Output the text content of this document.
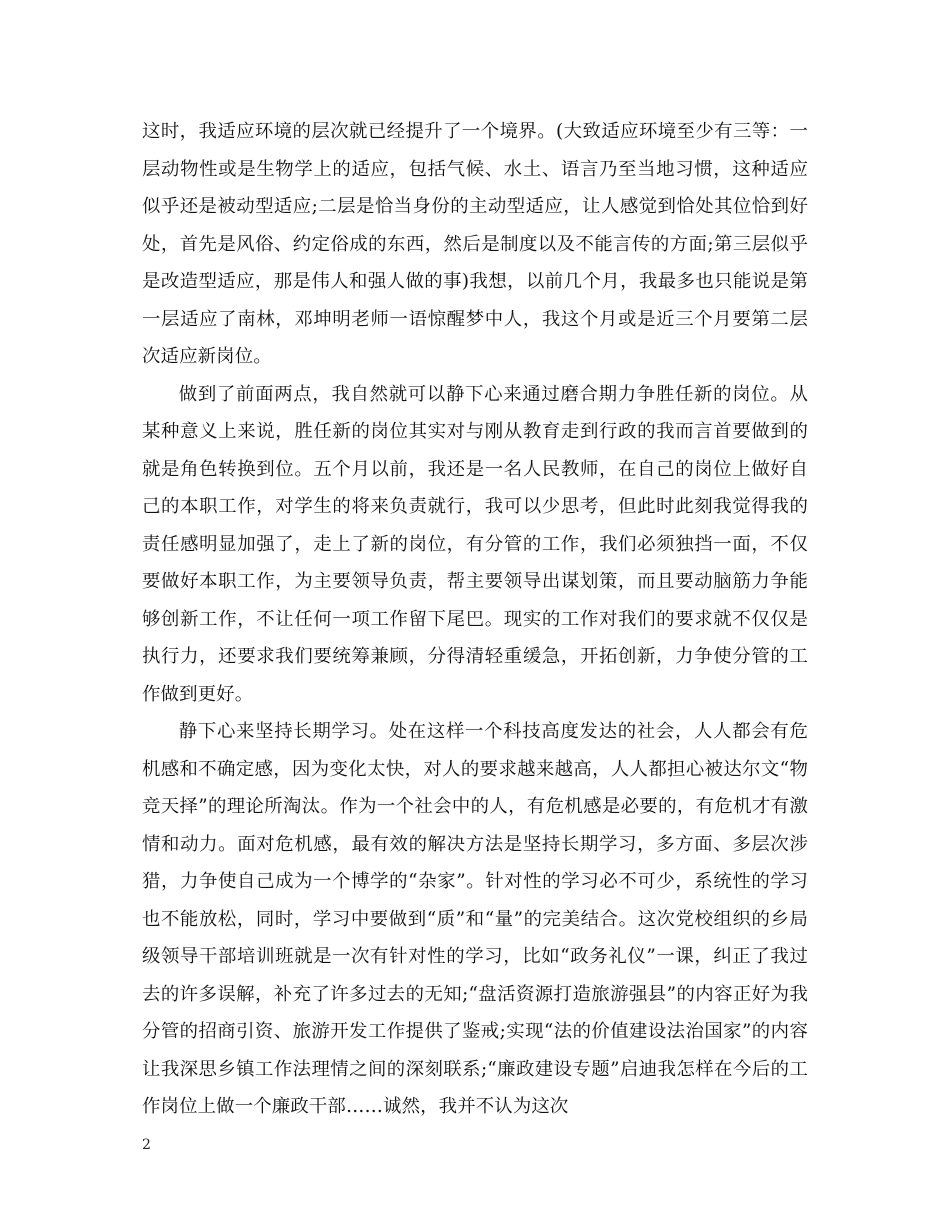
这时，我适应环境的层次就已经提升了一个境界。(大致适应环境至少有三等：一层动物性或是生物学上的适应，包括气候、水土、语言乃至当地习惯，这种适应似乎还是被动型适应;二层是恰当身份的主动型适应，让人感觉到恰处其位恰到好处，首先是风俗、约定俗成的东西，然后是制度以及不能言传的方面;第三层似乎是改造型适应，那是伟人和强人做的事)我想，以前几个月，我最多也只能说是第一层适应了南林，邓坤明老师一语惊醒梦中人，我这个月或是近三个月要第二层次适应新岗位。

做到了前面两点，我自然就可以静下心来通过磨合期力争胜任新的岗位。从某种意义上来说，胜任新的岗位其实对与刚从教育走到行政的我而言首要做到的就是角色转换到位。五个月以前，我还是一名人民教师，在自己的岗位上做好自己的本职工作，对学生的将来负责就行，我可以少思考，但此时此刻我觉得我的责任感明显加强了，走上了新的岗位，有分管的工作，我们必须独挡一面，不仅要做好本职工作，为主要领导负责，帮主要领导出谋划策，而且要动脑筋力争能够创新工作，不让任何一项工作留下尾巴。现实的工作对我们的要求就不仅仅是执行力，还要求我们要统筹兼顾，分得清轻重缓急，开拓创新，力争使分管的工作做到更好。

静下心来坚持长期学习。处在这样一个科技高度发达的社会，人人都会有危机感和不确定感，因为变化太快，对人的要求越来越高，人人都担心被达尔文“物竞天择”的理论所淘汰。作为一个社会中的人，有危机感是必要的，有危机才有激情和动力。面对危机感，最有效的解决方法是坚持长期学习，多方面、多层次涉猎，力争使自己成为一个博学的“杂家”。针对性的学习必不可少，系统性的学习也不能放松，同时，学习中要做到“质”和“量”的完美结合。这次党校组织的乡局级领导干部培训班就是一次有针对性的学习，比如“政务礼仪”一课，纠正了我过去的许多误解，补充了许多过去的无知;“盘活资源打造旅游强县”的内容正好为我分管的招商引资、旅游开发工作提供了鉴戒;实现“法的价值建设法治国家”的内容让我深思乡镇工作法理情之间的深刻联系;“廉政建设专题”启迪我怎样在今后的工作岗位上做一个廉政干部……诚然，我并不认为这次

2
